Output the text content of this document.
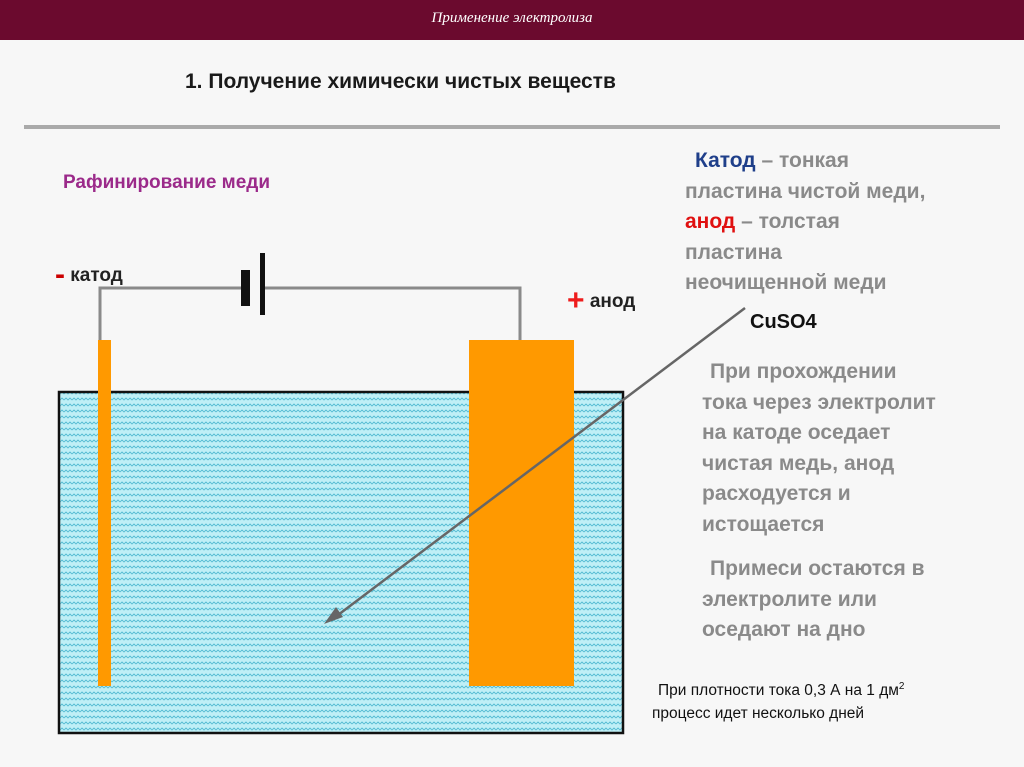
Применение электролиза
1. Получение химически чистых веществ
Рафинирование меди
- катод
+ анод
CuSO4
Катод – тонкая
пластина чистой меди,
анод – толстая
пластина
неочищенной меди
При прохождении
тока через электролит
на катоде оседает
чистая медь, анод
расходуется и
истощается
Примеси остаются в
электролите или
оседают на дно
При плотности тока 0,3 А на 1 $дм^2$
процесс идет несколько дней
